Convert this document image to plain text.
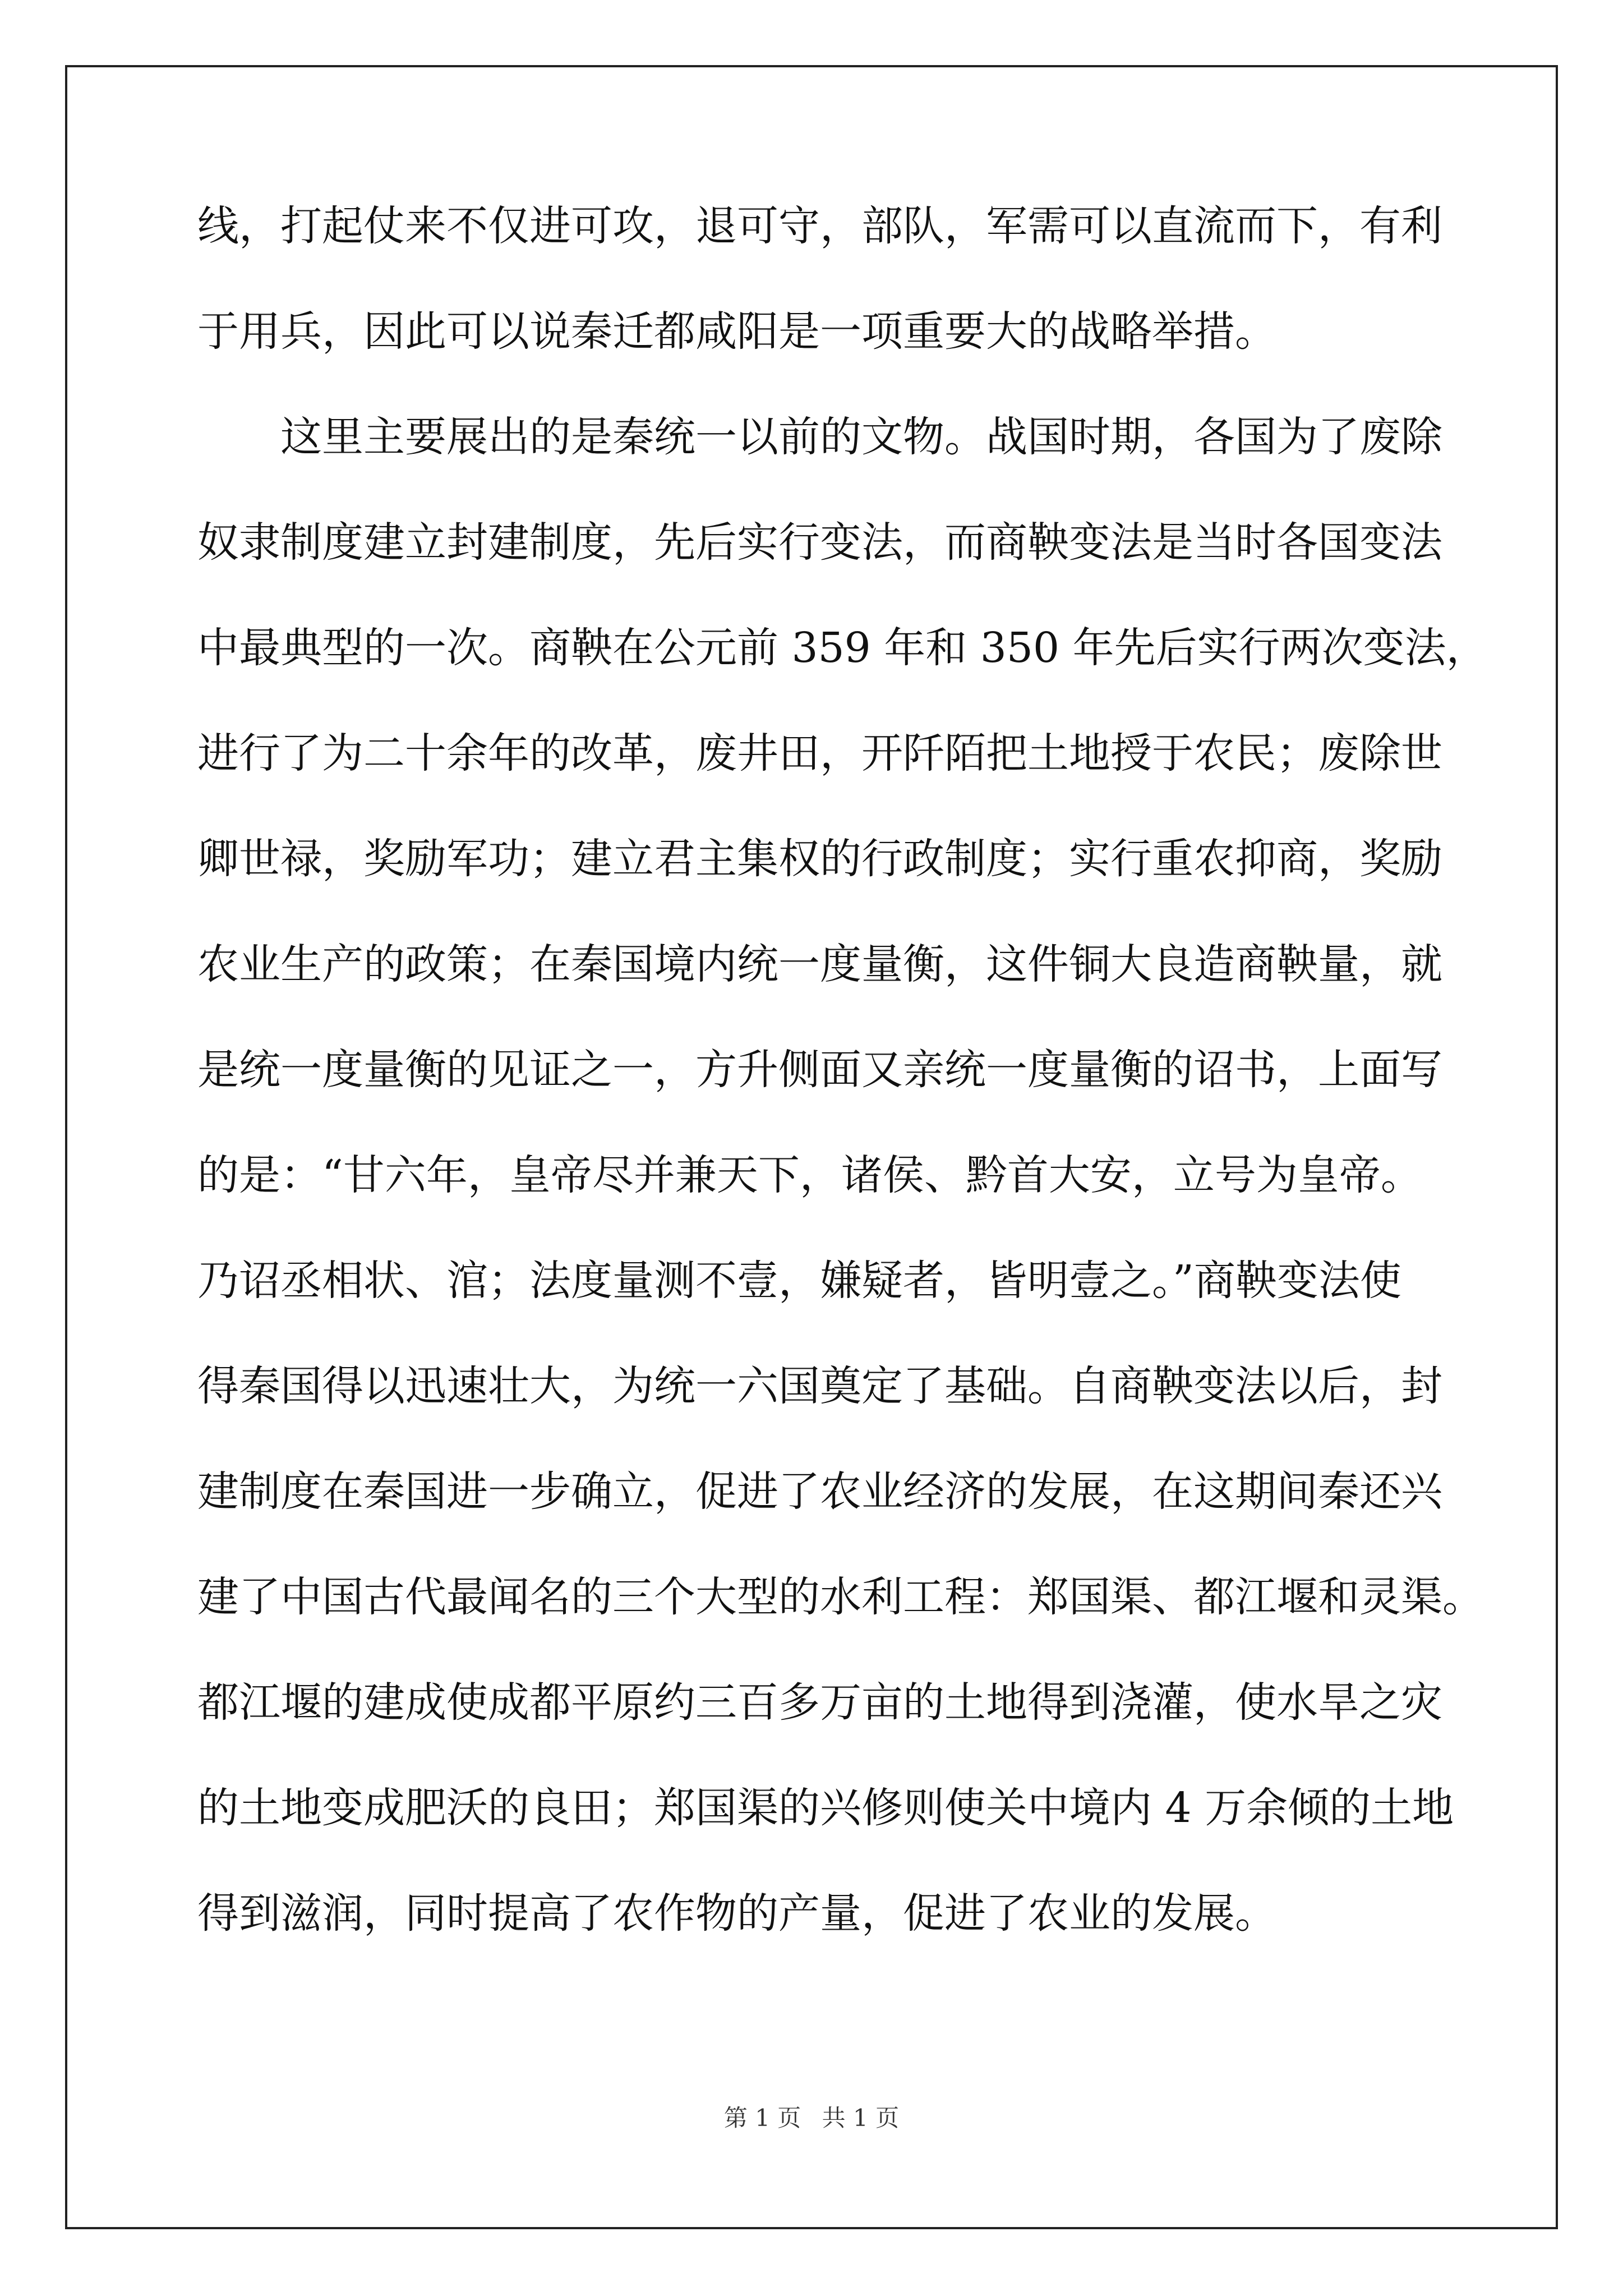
线，打起仗来不仅进可攻，退可守，部队，军需可以直流而下，有利
于用兵，因此可以说秦迁都咸阳是一项重要大的战略举措。
　　这里主要展出的是秦统一以前的文物。战国时期，各国为了废除
奴隶制度建立封建制度，先后实行变法，而商鞅变法是当时各国变法
中最典型的一次。商鞅在公元前 359 年和 350 年先后实行两次变法，
进行了为二十余年的改革，废井田，开阡陌把土地授于农民；废除世
卿世禄，奖励军功；建立君主集权的行政制度；实行重农抑商，奖励
农业生产的政策；在秦国境内统一度量衡，这件铜大良造商鞅量，就
是统一度量衡的见证之一，方升侧面又亲统一度量衡的诏书，上面写
的是：“甘六年，皇帝尽并兼天下，诸侯、黔首大安，立号为皇帝。
乃诏丞相状、涫；法度量测不壹，嫌疑者，皆明壹之。”商鞅变法使
得秦国得以迅速壮大，为统一六国奠定了基础。自商鞅变法以后，封
建制度在秦国进一步确立，促进了农业经济的发展，在这期间秦还兴
建了中国古代最闻名的三个大型的水利工程：郑国渠、都江堰和灵渠。
都江堰的建成使成都平原约三百多万亩的土地得到浇灌，使水旱之灾
的土地变成肥沃的良田；郑国渠的兴修则使关中境内 4 万余倾的土地
得到滋润，同时提高了农作物的产量，促进了农业的发展。
第 1 页 共 1 页
